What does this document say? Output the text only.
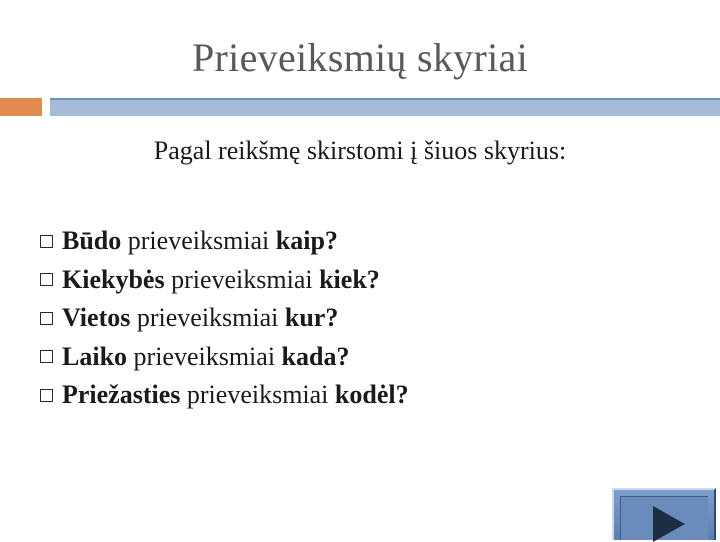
Prieveiksmių skyriai
Pagal reikšmę skirstomi į šiuos skyrius:
Būdo prieveiksmiai kaip?
Kiekybės prieveiksmiai kiek?
Vietos prieveiksmiai kur?
Laiko prieveiksmiai kada?
Priežasties prieveiksmiai kodėl?
